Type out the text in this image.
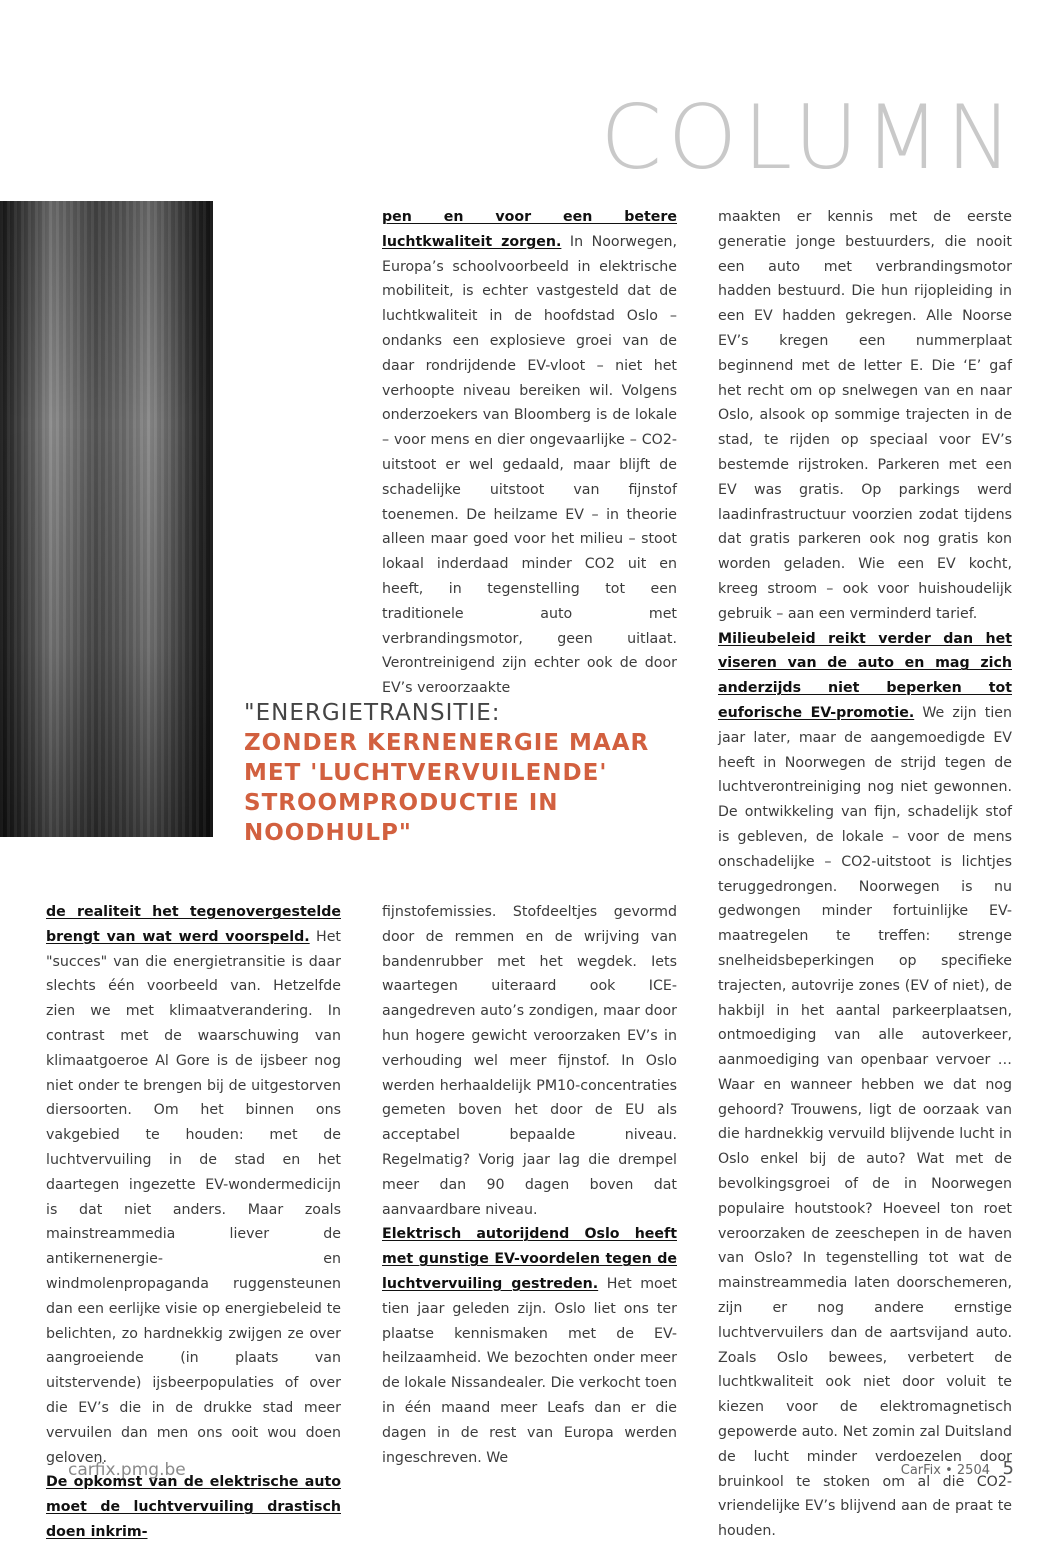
COLUMN

pen en voor een betere luchtkwaliteit zorgen. In Noorwegen, Europa’s schoolvoorbeeld in elektrische mobiliteit, is echter vastgesteld dat de luchtkwaliteit in de hoofdstad Oslo – ondanks een explosieve groei van de daar rondrijdende EV-vloot – niet het verhoopte niveau bereiken wil. Volgens onderzoekers van Bloomberg is de lokale – voor mens en dier ongevaarlijke – CO2-uitstoot er wel gedaald, maar blijft de schadelijke uitstoot van fijnstof toenemen. De heilzame EV – in theorie alleen maar goed voor het milieu – stoot lokaal inderdaad minder CO2 uit en heeft, in tegenstelling tot een traditionele auto met verbrandingsmotor, geen uitlaat. Verontreinigend zijn echter ook de door EV’s veroorzaakte

"ENERGIETRANSITIE:
ZONDER KERNENERGIE MAAR MET 'LUCHTVERVUILENDE' STROOMPRODUCTIE IN NOODHULP"

de realiteit het tegenovergestelde brengt van wat werd voorspeld. Het "succes" van die energietransitie is daar slechts één voorbeeld van. Hetzelfde zien we met klimaatverandering. In contrast met de waarschuwing van klimaatgoeroe Al Gore is de ijsbeer nog niet onder te brengen bij de uitgestorven diersoorten. Om het binnen ons vakgebied te houden: met de luchtvervuiling in de stad en het daartegen ingezette EV-wondermedicijn is dat niet anders. Maar zoals mainstreammedia liever de antikernenergie- en windmolenpropaganda ruggensteunen dan een eerlijke visie op energiebeleid te belichten, zo hardnekkig zwijgen ze over aangroeiende (in plaats van uitstervende) ijsbeerpopulaties of over die EV’s die in de drukke stad meer vervuilen dan men ons ooit wou doen geloven.

De opkomst van de elektrische auto moet de luchtvervuiling drastisch doen inkrim-

fijnstofemissies. Stofdeeltjes gevormd door de remmen en de wrijving van bandenrubber met het wegdek. Iets waartegen uiteraard ook ICE-aangedreven auto’s zondigen, maar door hun hogere gewicht veroorzaken EV’s in verhouding wel meer fijnstof. In Oslo werden herhaaldelijk PM10-concentraties gemeten boven het door de EU als acceptabel bepaalde niveau. Regelmatig? Vorig jaar lag die drempel meer dan 90 dagen boven dat aanvaardbare niveau.

Elektrisch autorijdend Oslo heeft met gunstige EV-voordelen tegen de luchtvervuiling gestreden. Het moet tien jaar geleden zijn. Oslo liet ons ter plaatse kennismaken met de EV-heilzaamheid. We bezochten onder meer de lokale Nissandealer. Die verkocht toen in één maand meer Leafs dan er die dagen in de rest van Europa werden ingeschreven. We

maakten er kennis met de eerste generatie jonge bestuurders, die nooit een auto met verbrandingsmotor hadden bestuurd. Die hun rijopleiding in een EV hadden gekregen. Alle Noorse EV’s kregen een nummerplaat beginnend met de letter E. Die ‘E’ gaf het recht om op snelwegen van en naar Oslo, alsook op sommige trajecten in de stad, te rijden op speciaal voor EV’s bestemde rijstroken. Parkeren met een EV was gratis. Op parkings werd laadinfrastructuur voorzien zodat tijdens dat gratis parkeren ook nog gratis kon worden geladen. Wie een EV kocht, kreeg stroom – ook voor huishoudelijk gebruik – aan een verminderd tarief.

Milieubeleid reikt verder dan het viseren van de auto en mag zich anderzijds niet beperken tot euforische EV-promotie. We zijn tien jaar later, maar de aangemoedigde EV heeft in Noorwegen de strijd tegen de luchtverontreiniging nog niet gewonnen. De ontwikkeling van fijn, schadelijk stof is gebleven, de lokale – voor de mens onschadelijke – CO2-uitstoot is lichtjes teruggedrongen. Noorwegen is nu gedwongen minder fortuinlijke EV-maatregelen te treffen: strenge snelheidsbeperkingen op specifieke trajecten, autovrije zones (EV of niet), de hakbijl in het aantal parkeerplaatsen, ontmoediging van alle autoverkeer, aanmoediging van openbaar vervoer … Waar en wanneer hebben we dat nog gehoord? Trouwens, ligt de oorzaak van die hardnekkig vervuild blijvende lucht in Oslo enkel bij de auto? Wat met de bevolkingsgroei of de in Noorwegen populaire houtstook? Hoeveel ton roet veroorzaken de zeeschepen in de haven van Oslo? In tegenstelling tot wat de mainstreammedia laten doorschemeren, zijn er nog andere ernstige luchtvervuilers dan de aartsvijand auto. Zoals Oslo bewees, verbetert de luchtkwaliteit ook niet door voluit te kiezen voor de elektromagnetisch gepowerde auto. Net zomin zal Duitsland de lucht minder verdoezelen door bruinkool te stoken om al die CO2-vriendelijke EV’s blijvend aan de praat te houden.

carfix.pmg.be	CarFix • 2504 5
